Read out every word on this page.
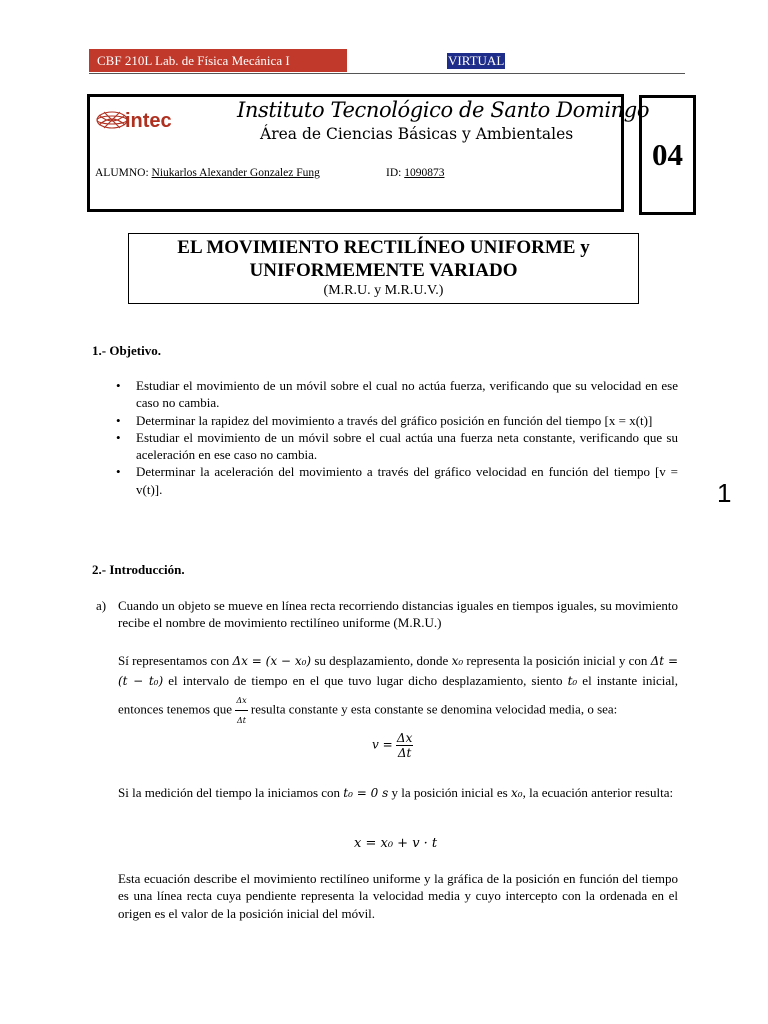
CBF 210L Lab. de Física Mecánica I	VIRTUAL
intec	Instituto Tecnológico de Santo Domingo
Área de Ciencias Básicas y Ambientales
ALUMNO: Niukarlos Alexander Gonzalez Fung	ID: 1090873
04
EL MOVIMIENTO RECTILÍNEO UNIFORME y
UNIFORMEMENTE VARIADO
(M.R.U. y M.R.U.V.)
1.- Objetivo.
• Estudiar el movimiento de un móvil sobre el cual no actúa fuerza, verificando que su velocidad en ese caso no cambia.
• Determinar la rapidez del movimiento a través del gráfico posición en función del tiempo [x = x(t)]
• Estudiar el movimiento de un móvil sobre el cual actúa una fuerza neta constante, verificando que su aceleración en ese caso no cambia.
• Determinar la aceleración del movimiento a través del gráfico velocidad en función del tiempo [v = v(t)].	1
2.- Introducción.
a) Cuando un objeto se mueve en línea recta recorriendo distancias iguales en tiempos iguales, su movimiento recibe el nombre de movimiento rectilíneo uniforme (M.R.U.)
Sí representamos con Δx = (x − x₀) su desplazamiento, donde x₀ representa la posición inicial y con Δt = (t − t₀) el intervalo de tiempo en el que tuvo lugar dicho desplazamiento, siento t₀ el instante inicial, entonces tenemos que $\frac{\Delta x}{\Delta t}$ resulta constante y esta constante se denomina velocidad media, o sea:
$v = \frac{\Delta x}{\Delta t}$
Si la medición del tiempo la iniciamos con t₀ = 0 s y la posición inicial es x₀, la ecuación anterior resulta:
x = x₀ + v · t
Esta ecuación describe el movimiento rectilíneo uniforme y la gráfica de la posición en función del tiempo es una línea recta cuya pendiente representa la velocidad media y cuyo intercepto con la ordenada en el origen es el valor de la posición inicial del móvil.
